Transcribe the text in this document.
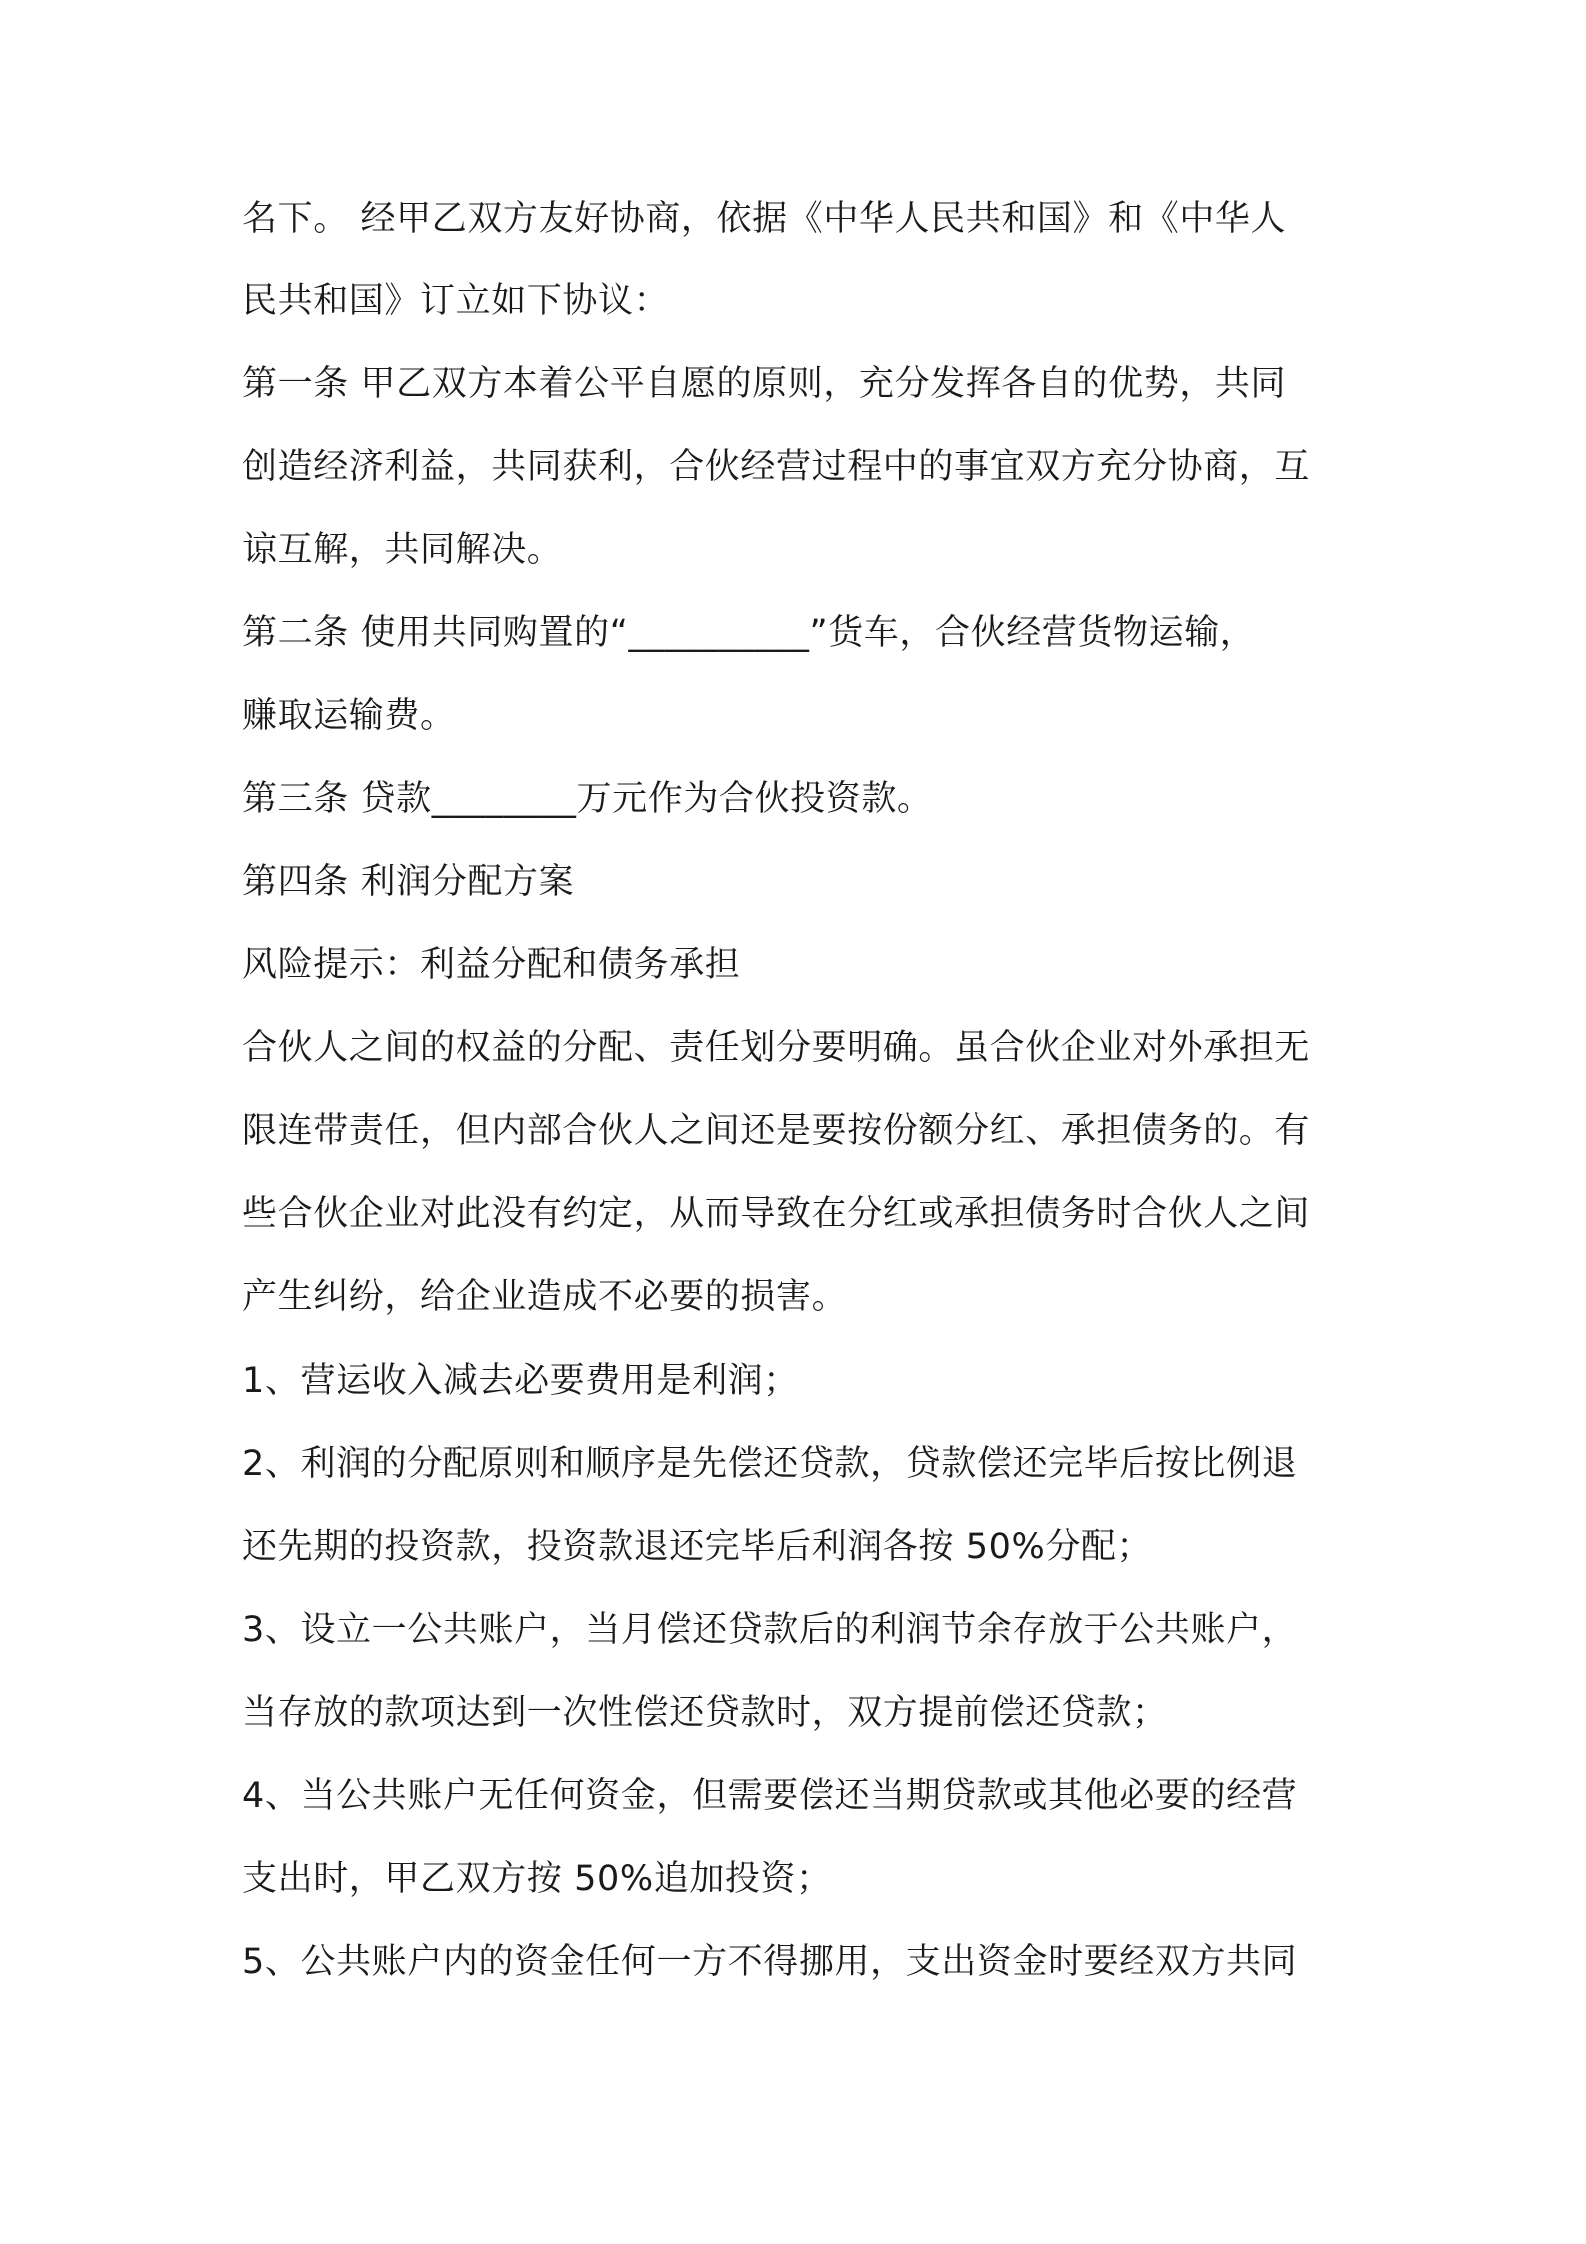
名下。 经甲乙双方友好协商，依据《中华人民共和国》和《中华人
民共和国》订立如下协议：
第一条 甲乙双方本着公平自愿的原则，充分发挥各自的优势，共同
创造经济利益，共同获利，合伙经营过程中的事宜双方充分协商，互
谅互解，共同解决。
第二条 使用共同购置的“__________”货车，合伙经营货物运输，
赚取运输费。
第三条 贷款________万元作为合伙投资款。
第四条 利润分配方案
风险提示：利益分配和债务承担
合伙人之间的权益的分配、责任划分要明确。虽合伙企业对外承担无
限连带责任，但内部合伙人之间还是要按份额分红、承担债务的。有
些合伙企业对此没有约定，从而导致在分红或承担债务时合伙人之间
产生纠纷，给企业造成不必要的损害。
1、营运收入减去必要费用是利润；
2、利润的分配原则和顺序是先偿还贷款，贷款偿还完毕后按比例退
还先期的投资款，投资款退还完毕后利润各按 50%分配；
3、设立一公共账户，当月偿还贷款后的利润节余存放于公共账户，
当存放的款项达到一次性偿还贷款时，双方提前偿还贷款；
4、当公共账户无任何资金，但需要偿还当期贷款或其他必要的经营
支出时，甲乙双方按 50%追加投资；
5、公共账户内的资金任何一方不得挪用，支出资金时要经双方共同
